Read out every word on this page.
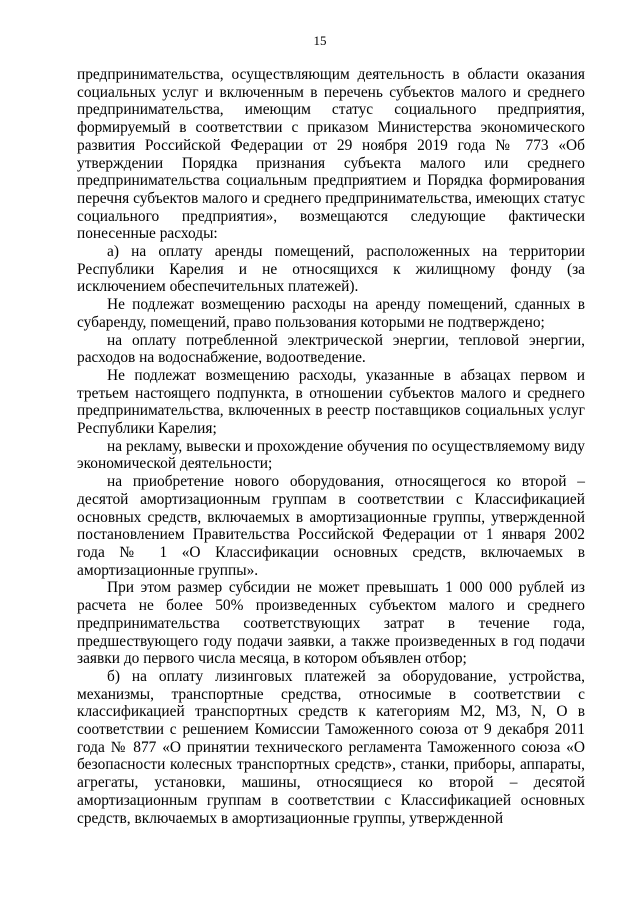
15

предпринимательства, осуществляющим деятельность в области оказания социальных услуг и включенным в перечень субъектов малого и среднего предпринимательства, имеющим статус социального предприятия, формируемый в соответствии с приказом Министерства экономического развития Российской Федерации от 29 ноября 2019 года № 773 «Об утверждении Порядка признания субъекта малого или среднего предпринимательства социальным предприятием и Порядка формирования перечня субъектов малого и среднего предпринимательства, имеющих статус социального предприятия», возмещаются следующие фактически понесенные расходы:

а) на оплату аренды помещений, расположенных на территории Республики Карелия и не относящихся к жилищному фонду (за исключением обеспечительных платежей).

Не подлежат возмещению расходы на аренду помещений, сданных в субаренду, помещений, право пользования которыми не подтверждено;

на оплату потребленной электрической энергии, тепловой энергии, расходов на водоснабжение, водоотведение.

Не подлежат возмещению расходы, указанные в абзацах первом и третьем настоящего подпункта, в отношении субъектов малого и среднего предпринимательства, включенных в реестр поставщиков социальных услуг Республики Карелия;

на рекламу, вывески и прохождение обучения по осуществляемому виду экономической деятельности;

на приобретение нового оборудования, относящегося ко второй – десятой амортизационным группам в соответствии с Классификацией основных средств, включаемых в амортизационные группы, утвержденной постановлением Правительства Российской Федерации от 1 января 2002 года № 1 «О Классификации основных средств, включаемых в амортизационные группы».

При этом размер субсидии не может превышать 1 000 000 рублей из расчета не более 50% произведенных субъектом малого и среднего предпринимательства соответствующих затрат в течение года, предшествующего году подачи заявки, а также произведенных в год подачи заявки до первого числа месяца, в котором объявлен отбор;

б) на оплату лизинговых платежей за оборудование, устройства, механизмы, транспортные средства, относимые в соответствии с классификацией транспортных средств к категориям M2, M3, N, O в соответствии с решением Комиссии Таможенного союза от 9 декабря 2011 года № 877 «О принятии технического регламента Таможенного союза «О безопасности колесных транспортных средств», станки, приборы, аппараты, агрегаты, установки, машины, относящиеся ко второй – десятой амортизационным группам в соответствии с Классификацией основных средств, включаемых в амортизационные группы, утвержденной
